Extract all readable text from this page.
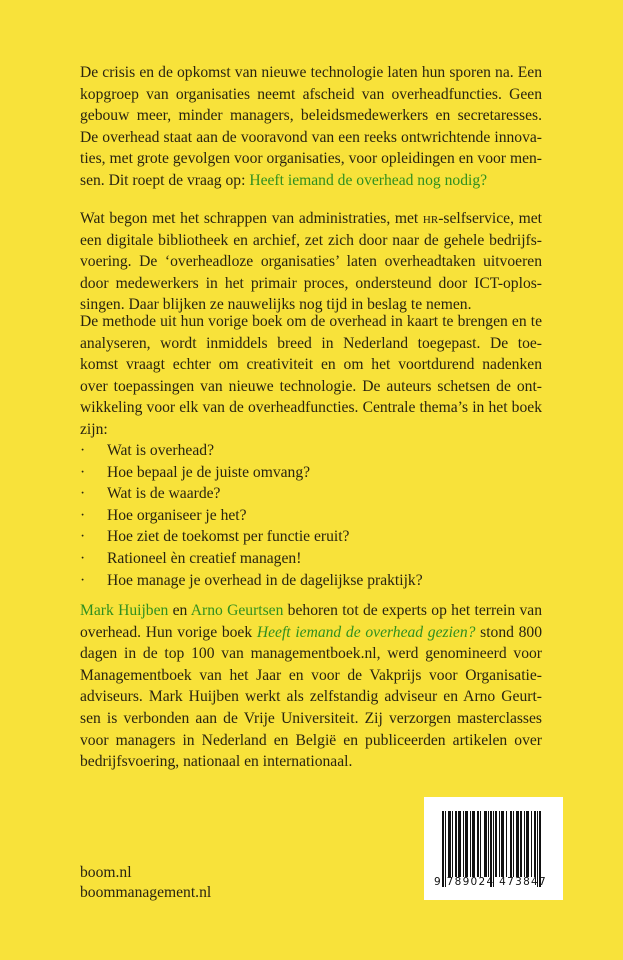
De crisis en de opkomst van nieuwe technologie laten hun sporen na. Een
kopgroep van organisaties neemt afscheid van overheadfuncties. Geen
gebouw meer, minder managers, beleidsmedewerkers en secretaresses.
De overhead staat aan de vooravond van een reeks ontwrichtende innova-
ties, met grote gevolgen voor organisaties, voor opleidingen en voor men-
sen. Dit roept de vraag op: Heeft iemand de overhead nog nodig?
Wat begon met het schrappen van administraties, met hr-selfservice, met
een digitale bibliotheek en archief, zet zich door naar de gehele bedrijfs-
voering. De ‘overheadloze organisaties’ laten overheadtaken uitvoeren
door medewerkers in het primair proces, ondersteund door ICT-oplos-
singen. Daar blijken ze nauwelijks nog tijd in beslag te nemen.
De methode uit hun vorige boek om de overhead in kaart te brengen en te
analyseren, wordt inmiddels breed in Nederland toegepast. De toe-
komst vraagt echter om creativiteit en om het voortdurend nadenken
over toepassingen van nieuwe technologie. De auteurs schetsen de ont-
wikkeling voor elk van de overheadfuncties. Centrale thema’s in het boek
zijn:
· Wat is overhead?
· Hoe bepaal je de juiste omvang?
· Wat is de waarde?
· Hoe organiseer je het?
· Hoe ziet de toekomst per functie eruit?
· Rationeel èn creatief managen!
· Hoe manage je overhead in de dagelijkse praktijk?
Mark Huijben en Arno Geurtsen behoren tot de experts op het terrein van
overhead. Hun vorige boek Heeft iemand de overhead gezien? stond 800
dagen in de top 100 van managementboek.nl, werd genomineerd voor
Managementboek van het Jaar en voor de Vakprijs voor Organisatie-
adviseurs. Mark Huijben werkt als zelfstandig adviseur en Arno Geurt-
sen is verbonden aan de Vrije Universiteit. Zij verzorgen masterclasses
voor managers in Nederland en België en publiceerden artikelen over
bedrijfsvoering, nationaal en internationaal.
boom.nl
boommanagement.nl
9 789024 473847
